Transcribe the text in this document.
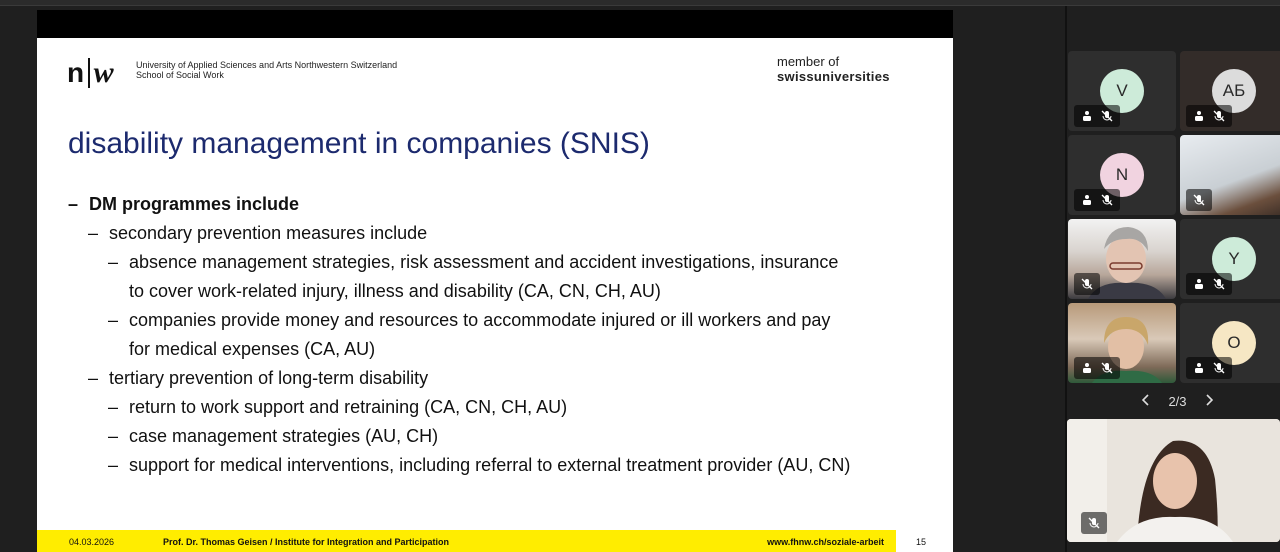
n w University of Applied Sciences and Arts Northwestern Switzerland
School of Social Work
member of
swissuniversities
disability management in companies (SNIS)
– DM programmes include
– secondary prevention measures include
– absence management strategies, risk assessment and accident investigations, insurance
to cover work-related injury, illness and disability (CA, CN, CH, AU)
– companies provide money and resources to accommodate injured or ill workers and pay
for medical expenses (CA, AU)
– tertiary prevention of long-term disability
– return to work support and retraining (CA, CN, CH, AU)
– case management strategies (AU, CH)
– support for medical interventions, including referral to external treatment provider (AU, CN)
04.03.2026	Prof. Dr. Thomas Geisen / Institute for Integration and Participation	www.fhnw.ch/soziale-arbeit	15
V	АБ
N
Y
O
2/3
